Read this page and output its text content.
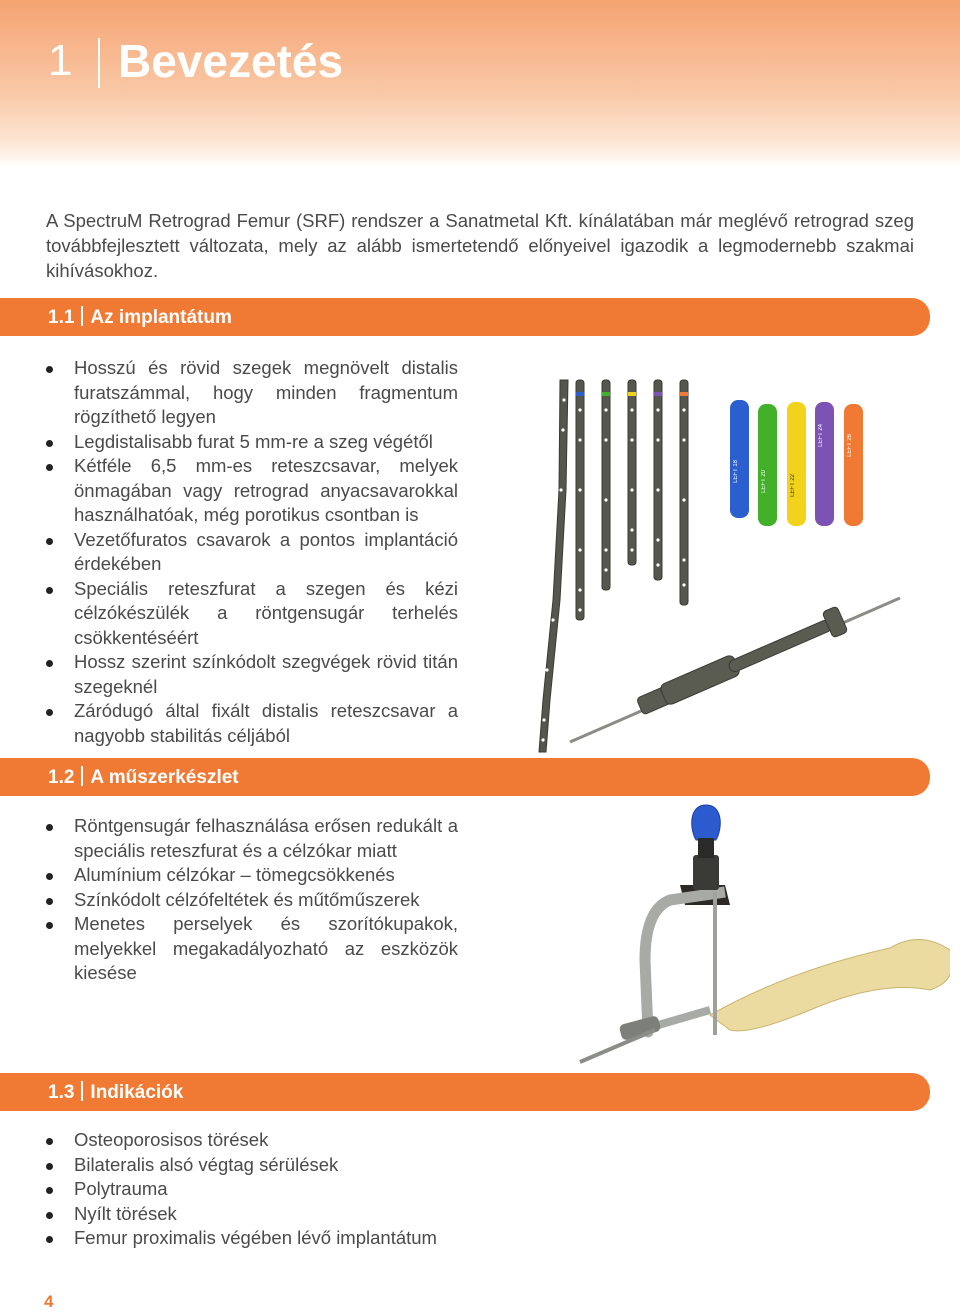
1 Bevezetés

A SpectruM Retrograd Femur (SRF) rendszer a Sanatmetal Kft. kínálatában már meglévő retrograd szeg továbbfejlesztett változata, mely az alább ismertetendő előnyeivel igazodik a legmodernebb szakmai kihívásokhoz.

1.1 Az implantátum
Hosszú és rövid szegek megnövelt distalis furatszámmal, hogy minden fragmentum rögzíthető legyen
Legdistalisabb furat 5 mm-re a szeg végétől
Kétféle 6,5 mm-es reteszcsavar, melyek önmagában vagy retrograd anyacsavarokkal használhatóak, még porotikus csontban is
Vezetőfuratos csavarok a pontos implantáció érdekében
Speciális reteszfurat a szegen és kézi célzókészülék a röntgensugár terhelés csökkentéséért
Hossz szerint színkódolt szegvégek rövid titán szegeknél
Záródugó által fixált distalis reteszcsavar a nagyobb stabilitás céljából
LEFT 18	LEFT 20	LEFT 22
LEFT 24	LEFT 26
1.2 A műszerkészlet
Röntgensugár felhasználása erősen redukált a speciális reteszfurat és a célzókar miatt
Alumínium célzókar – tömegcsökkenés
Színkódolt célzófeltétek és műtőműszerek
Menetes perselyek és szorítókupakok, melyekkel megakadályozható az eszközök kiesése
1.3 Indikációk
Osteoporosisos törések
Bilateralis alsó végtag sérülések
Polytrauma
Nyílt törések
Femur proximalis végében lévő implantátum
4
